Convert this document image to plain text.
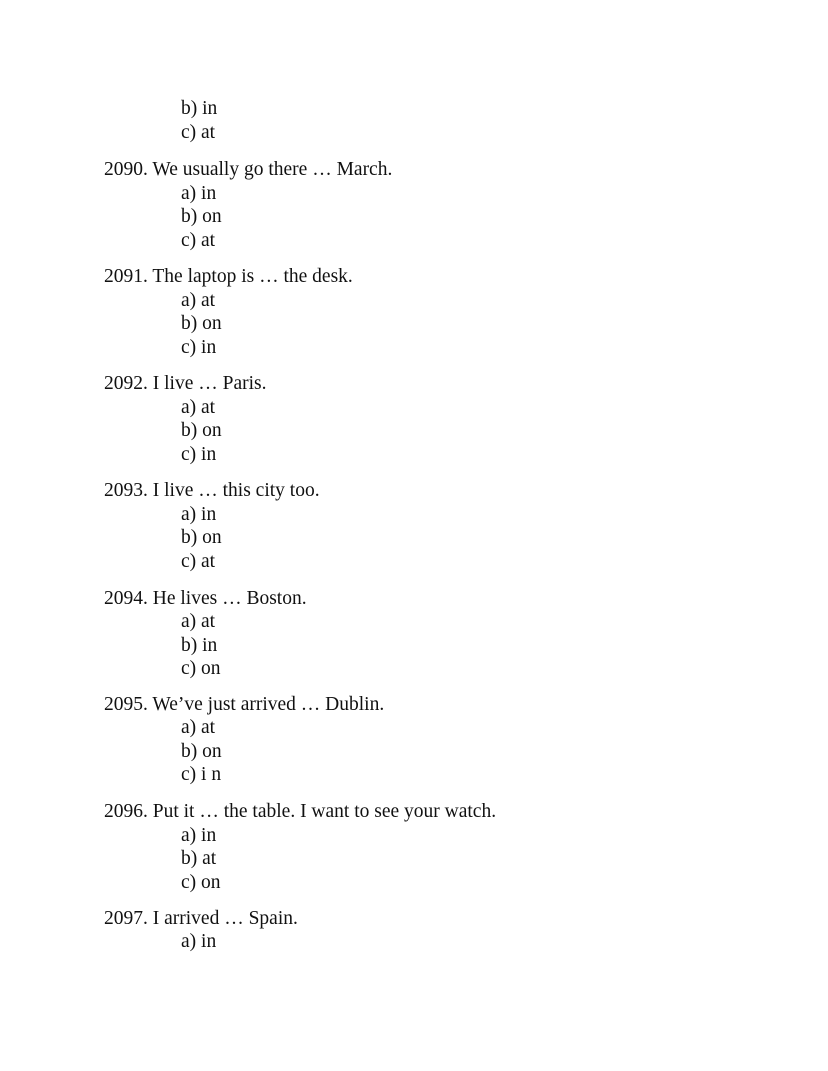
b) in
c) at
2090. We usually go there … March.
a) in
b) on
c) at
2091. The laptop is … the desk.
a) at
b) on
c) in
2092. I live … Paris.
a) at
b) on
c) in
2093. I live … this city too.
a) in
b) on
c) at
2094. He lives … Boston.
a) at
b) in
c) on
2095. We’ve just arrived … Dublin.
a) at
b) on
c) i n
2096. Put it … the table. I want to see your watch.
a) in
b) at
c) on
2097. I arrived … Spain.
a) in
